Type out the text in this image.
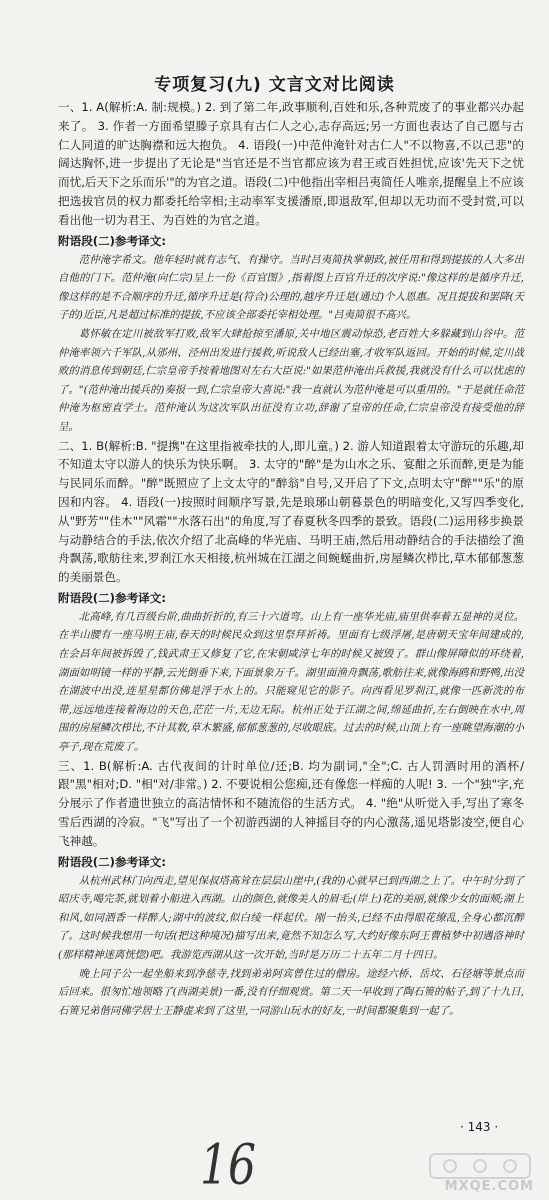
专项复习(九) 文言文对比阅读

一、1. A(解析:A. 制:规模。) 2. 到了第二年,政事顺利,百姓和乐,各种荒废了的事业都兴办起来了。 3. 作者一方面希望滕子京具有古仁人之心,志存高远;另一方面也表达了自己愿与古仁人同道的旷达胸襟和远大抱负。 4. 语段(一)中范仲淹针对古仁人"不以物喜,不以己悲"的阔达胸怀,进一步提出了无论是"当官还是不当官都应该为君王或百姓担忧,应该'先天下之忧而忧,后天下之乐而乐'"的为官之道。语段(二)中他指出宰相吕夷简任人唯亲,提醒皇上不应该把选拔官员的权力都委托给宰相;主动率军支援潘原,即退敌军,但却以无功而不受封赏,可以看出他一切为君王、为百姓的为官之道。

附语段(二)参考译文:

范仲淹字希文。他年轻时就有志气、有操守。当时吕夷简执掌朝政,被任用和得到提拔的人大多出自他的门下。范仲淹(向仁宗)呈上一份《百官图》,指着图上百官升迁的次序说:"像这样的是循序升迁,像这样的是不合顺序的升迁,循序升迁是(符合)公理的,越序升迁是(通过)个人恩惠。况且提拔和罢降(天子的)近臣,凡是超过标准的提拔,不应该全部委托宰相处理。"吕夷简很不高兴。

葛怀敏在定川被敌军打败,敌军大肆抢掠至潘原,关中地区震动惊恐,老百姓大多躲藏到山谷中。范仲淹率领六千军队,从邠州、泾州出发进行援救,听说敌人已经出塞,才收军队返回。开始的时候,定川战败的消息传到朝廷,仁宗皇帝手按着地图对左右大臣说:"如果范仲淹出兵救援,我就没有什么可以忧虑的了。"(范仲淹出援兵的)奏报一到,仁宗皇帝大喜说:"我一直就认为范仲淹是可以重用的。"于是就任命范仲淹为枢密直学士。范仲淹认为这次军队出征没有立功,辞谢了皇帝的任命,仁宗皇帝没有接受他的辞呈。

二、1. B(解析:B. "提携"在这里指被牵扶的人,即儿童。) 2. 游人知道跟着太守游玩的乐趣,却不知道太守以游人的快乐为快乐啊。 3. 太守的"醉"是为山水之乐、宴酣之乐而醉,更是为能与民同乐而醉。"醉"既照应了上文太守的"醉翁"自号,又开启了下文,点明太守"醉""乐"的原因和内容。 4. 语段(一)按照时间顺序写景,先是琅琊山朝暮景色的明暗变化,又写四季变化,从"野芳""佳木""风霜""水落石出"的角度,写了春夏秋冬四季的景致。语段(二)运用移步换景与动静结合的手法,依次介绍了北高峰的华光庙、马明王庙,然后用动静结合的手法描绘了渔舟飘荡,歌舫往来,罗刹江水天相接,杭州城在江湖之间蜿蜒曲折,房屋鳞次栉比,草木郁郁葱葱的美丽景色。

附语段(二)参考译文:

北高峰,有几百级台阶,曲曲折折的,有三十六道弯。山上有一座华光庙,庙里供奉着五显神的灵位。在半山腰有一座马明王庙,春天的时候民众到这里祭拜祈祷。里面有七级浮屠,是唐朝天宝年间建成的,在会昌年间被拆毁了,钱武肃王又修复了它,在宋朝咸淳七年的时候又被毁了。群山像屏障似的环绕着,湖面如明镜一样的平静,云光倒垂下来,下面景象万千。湖里面渔舟飘荡,歌舫往来,就像海鸥和野鸭,出没在湖波中出没,连星星都仿佛是浮于水上的。只能窥见它的影子。向西看见罗刹江,就像一匹新洗的布带,远远地连接着海边的天色,茫茫一片,无边无际。杭州正处于江湖之间,绵延曲折,左右倒映在水中,周围的房屋鳞次栉比,不计其数,草木繁盛,郁郁葱葱的,尽收眼底。过去的时候,山顶上有一座眺望海潮的小亭子,现在荒废了。

三、1. B(解析:A. 古代夜间的计时单位/还;B. 均为副词,"全";C. 古人罚酒时用的酒杯/跟"黑"相对;D. "相"对/非常。) 2. 不要说相公您痴,还有像您一样痴的人呢! 3. 一个"独"字,充分展示了作者遗世独立的高洁情怀和不随流俗的生活方式。 4. "绝"从听觉入手,写出了寒冬雪后西湖的冷寂。"飞"写出了一个初游西湖的人神摇目夺的内心激荡,遥见塔影凌空,便自心飞神越。

附语段(二)参考译文:

从杭州武林门向西走,望见保叔塔高耸在层层山崖中,(我的)心就早已到西湖之上了。中午时分到了昭庆寺,喝完茶,就划着小船进入西湖。山的颜色,就像美人的眉毛;(岸上)花的美丽,就像少女的面颊;湖上和风,如同酒香一样醉人;湖中的波纹,似白绫一样起伏。刚一抬头,已经不由得眼花缭乱,全身心都沉醉了。这时候我想用一句话(把这种境况)描写出来,竟然不知怎么写,大约好像东阿王曹植梦中初遇洛神时(那样精神迷离恍惚)吧。我游览西湖从这一次开始,当时是万历二十五年二月十四日。

晚上同子公一起坐船来到净慈寺,找到弟弟阿宾曾住过的僧房。途经六桥、岳坟、石径塘等景点而后回来。很匆忙地领略了(西湖美景)一番,没有仔细观赏。第二天一早收到了陶石篑的帖子,到了十九日,石篑兄弟偕同佛学居士王静虚来到了这里,一同游山玩水的好友,一时间都聚集到一起了。

· 143 ·
16	MXQE.COM
